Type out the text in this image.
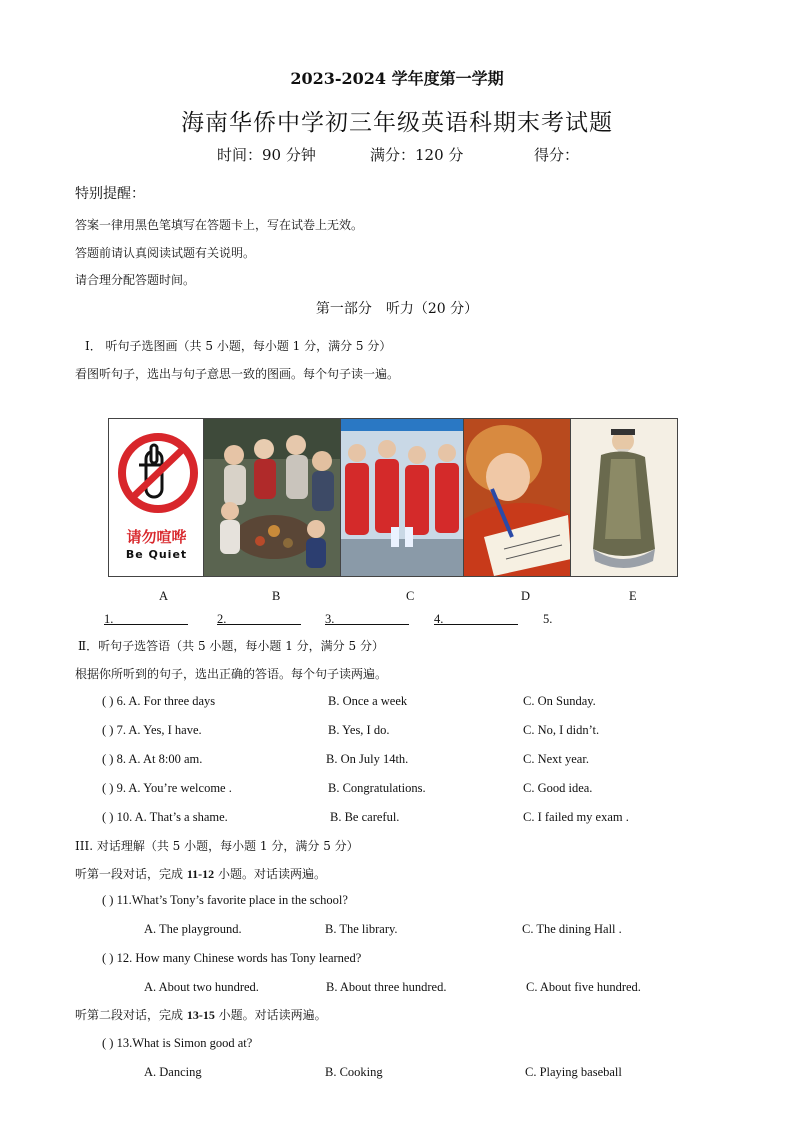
2023-2024 学年度第一学期
海南华侨中学初三年级英语科期末考试题
时间：90 分钟	满分：120 分	得分：
特别提醒：
答案一律用黑色笔填写在答题卡上，写在试卷上无效。
答题前请认真阅读试题有关说明。
请合理分配答题时间。
第一部分　听力（20 分）
Ⅰ． 听句子选图画（共 5 小题，每小题 1 分，满分 5 分）
看图听句子，选出与句子意思一致的图画。每个句子读一遍。
请勿喧哗
Be Quiet
A	B	C	D	E
1.	2.	3.	4.	5.
Ⅱ．听句子选答语（共 5 小题，每小题 1 分，满分 5 分）
根据你所听到的句子，选出正确的答语。每个句子读两遍。
( ) 6. A. For three days	B. Once a week	C. On Sunday.
( ) 7. A. Yes, I have.	B. Yes, I do.	C. No, I didn’t.
( ) 8. A. At 8:00 am.	B. On July 14th.	C. Next year.
( ) 9. A. You’re welcome .	B. Congratulations.	C. Good idea.
( ) 10. A. That’s a shame.	B. Be careful.	C. I failed my exam .
III. 对话理解（共 5 小题，每小题 1 分，满分 5 分）
听第一段对话，完成 11-12 小题。对话读两遍。
( ) 11.What’s Tony’s favorite place in the school?
A. The playground.	B. The library.	C. The dining Hall .
( ) 12. How many Chinese words has Tony learned?
A. About two hundred.	B. About three hundred.	C. About five hundred.
听第二段对话，完成 13-15 小题。对话读两遍。
( ) 13.What is Simon good at?
A. Dancing	B. Cooking	C. Playing baseball
